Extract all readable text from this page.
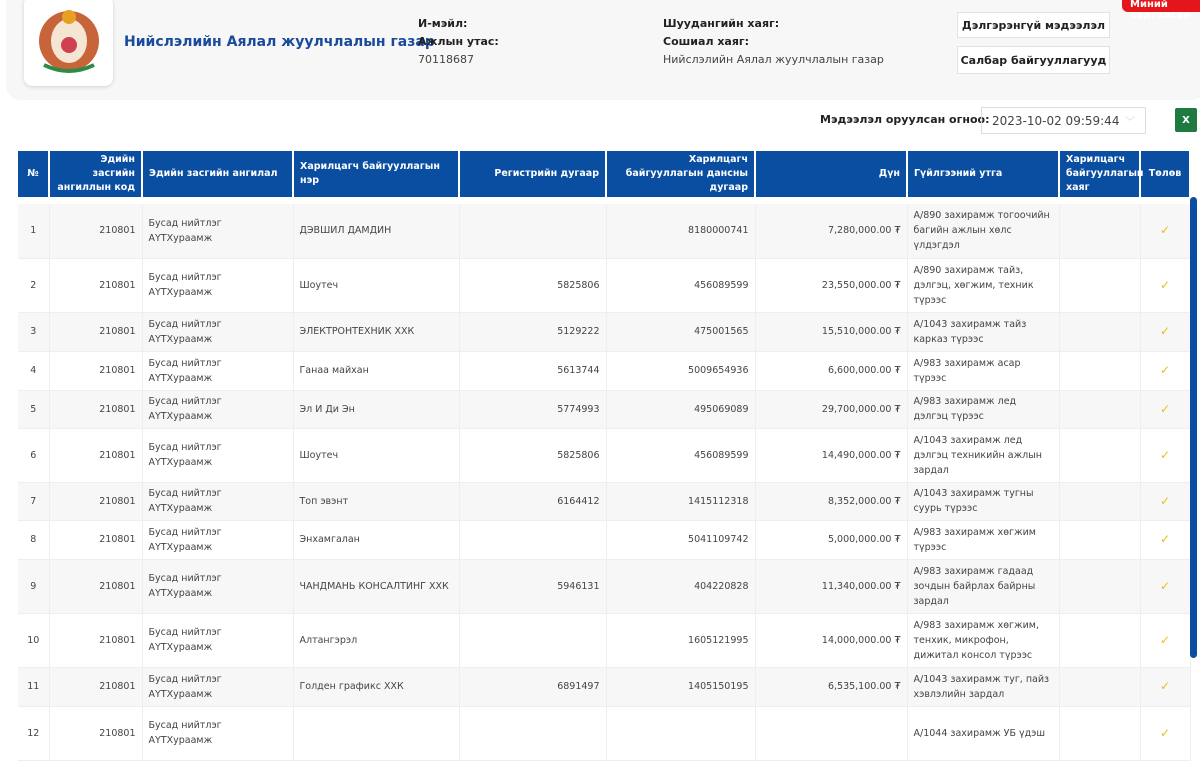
Нийслэлийн Аялал жуулчлалын газар
И-мэйл:
Ажлын утас:
70118687
Шуудангийн хаяг:
Сошиал хаяг:
Нийслэлийн Аялал жуулчлалын газар
Дэлгэрэнгүй мэдээлэл
Салбар байгууллагууд
Миний хадгалсан
Мэдээлэл оруулсан огноо: 2023-10-02 09:59:44 ﹀	X
№	Эдийн засгийн ангиллын код	Эдийн засгийн ангилал	Харилцагч байгууллагын нэр	Регистрийн дугаар	Харилцагч байгууллагын дансны дугаар	Дүн	Гүйлгээний утга	Харилцагч байгууллагын хаяг	Төлөв

1	210801	Бусад нийтлэг АҮТХураамж	ДЭВШИЛ ДАМДИН		8180000741	7,280,000.00 ₮	А/890 захирамж тогоочийн багийн ажлын хөлс үлдэгдэл		✓
2	210801	Бусад нийтлэг АҮТХураамж	Шоутеч	5825806	456089599	23,550,000.00 ₮	А/890 захирамж тайз, дэлгэц, хөгжим, техник түрээс		✓
3	210801	Бусад нийтлэг АҮТХураамж	ЭЛЕКТРОНТЕХНИК ХХК	5129222	475001565	15,510,000.00 ₮	А/1043 захирамж тайз карказ түрээс		✓
4	210801	Бусад нийтлэг АҮТХураамж	Ганаа майхан	5613744	5009654936	6,600,000.00 ₮	А/983 захирамж асар түрээс		✓
5	210801	Бусад нийтлэг АҮТХураамж	Эл И Ди Эн	5774993	495069089	29,700,000.00 ₮	А/983 захирамж лед дэлгэц түрээс		✓
6	210801	Бусад нийтлэг АҮТХураамж	Шоутеч	5825806	456089599	14,490,000.00 ₮	А/1043 захирамж лед дэлгэц техникийн ажлын зардал		✓
7	210801	Бусад нийтлэг АҮТХураамж	Топ эвэнт	6164412	1415112318	8,352,000.00 ₮	А/1043 захирамж тугны суурь түрээс		✓
8	210801	Бусад нийтлэг АҮТХураамж	Энхамгалан		5041109742	5,000,000.00 ₮	А/983 захирамж хөгжим түрээс		✓
9	210801	Бусад нийтлэг АҮТХураамж	ЧАНДМАНЬ КОНСАЛТИНГ ХХК	5946131	404220828	11,340,000.00 ₮	А/983 захирамж гадаад зочдын байрлах байрны зардал		✓
10	210801	Бусад нийтлэг АҮТХураамж	Алтангэрэл		1605121995	14,000,000.00 ₮	А/983 захирамж хөгжим, тенхик, микрофон, дижитал консол түрээс		✓
11	210801	Бусад нийтлэг АҮТХураамж	Голден графикс ХХК	6891497	1405150195	6,535,100.00 ₮	А/1043 захирамж туг, пайз хэвлэлийн зардал		✓
12	210801	Бусад нийтлэг АҮТХураамж					А/1044 захирамж УБ үдэш		✓
